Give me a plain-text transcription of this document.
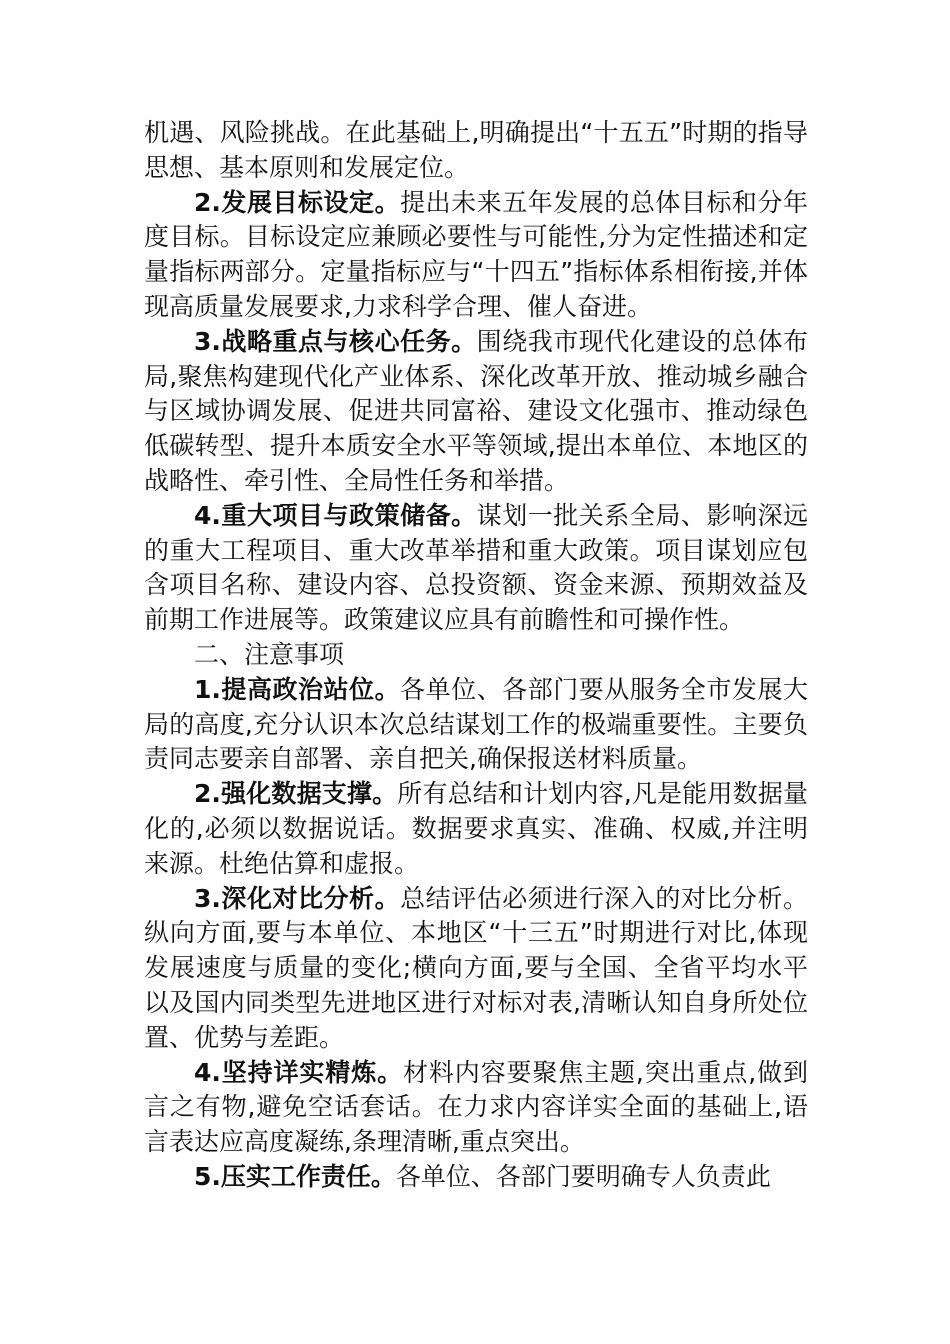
机遇、风险挑战。在此基础上,明确提出“十五五”时期的指导思想、基本原则和发展定位。

2.发展目标设定。提出未来五年发展的总体目标和分年度目标。目标设定应兼顾必要性与可能性,分为定性描述和定量指标两部分。定量指标应与“十四五”指标体系相衔接,并体现高质量发展要求,力求科学合理、催人奋进。

3.战略重点与核心任务。围绕我市现代化建设的总体布局,聚焦构建现代化产业体系、深化改革开放、推动城乡融合与区域协调发展、促进共同富裕、建设文化强市、推动绿色低碳转型、提升本质安全水平等领域,提出本单位、本地区的战略性、牵引性、全局性任务和举措。

4.重大项目与政策储备。谋划一批关系全局、影响深远的重大工程项目、重大改革举措和重大政策。项目谋划应包含项目名称、建设内容、总投资额、资金来源、预期效益及前期工作进展等。政策建议应具有前瞻性和可操作性。

二、注意事项

1.提高政治站位。各单位、各部门要从服务全市发展大局的高度,充分认识本次总结谋划工作的极端重要性。主要负责同志要亲自部署、亲自把关,确保报送材料质量。

2.强化数据支撑。所有总结和计划内容,凡是能用数据量化的,必须以数据说话。数据要求真实、准确、权威,并注明来源。杜绝估算和虚报。

3.深化对比分析。总结评估必须进行深入的对比分析。纵向方面,要与本单位、本地区“十三五”时期进行对比,体现发展速度与质量的变化;横向方面,要与全国、全省平均水平以及国内同类型先进地区进行对标对表,清晰认知自身所处位置、优势与差距。

4.坚持详实精炼。材料内容要聚焦主题,突出重点,做到言之有物,避免空话套话。在力求内容详实全面的基础上,语言表达应高度凝练,条理清晰,重点突出。

5.压实工作责任。各单位、各部门要明确专人负责此
